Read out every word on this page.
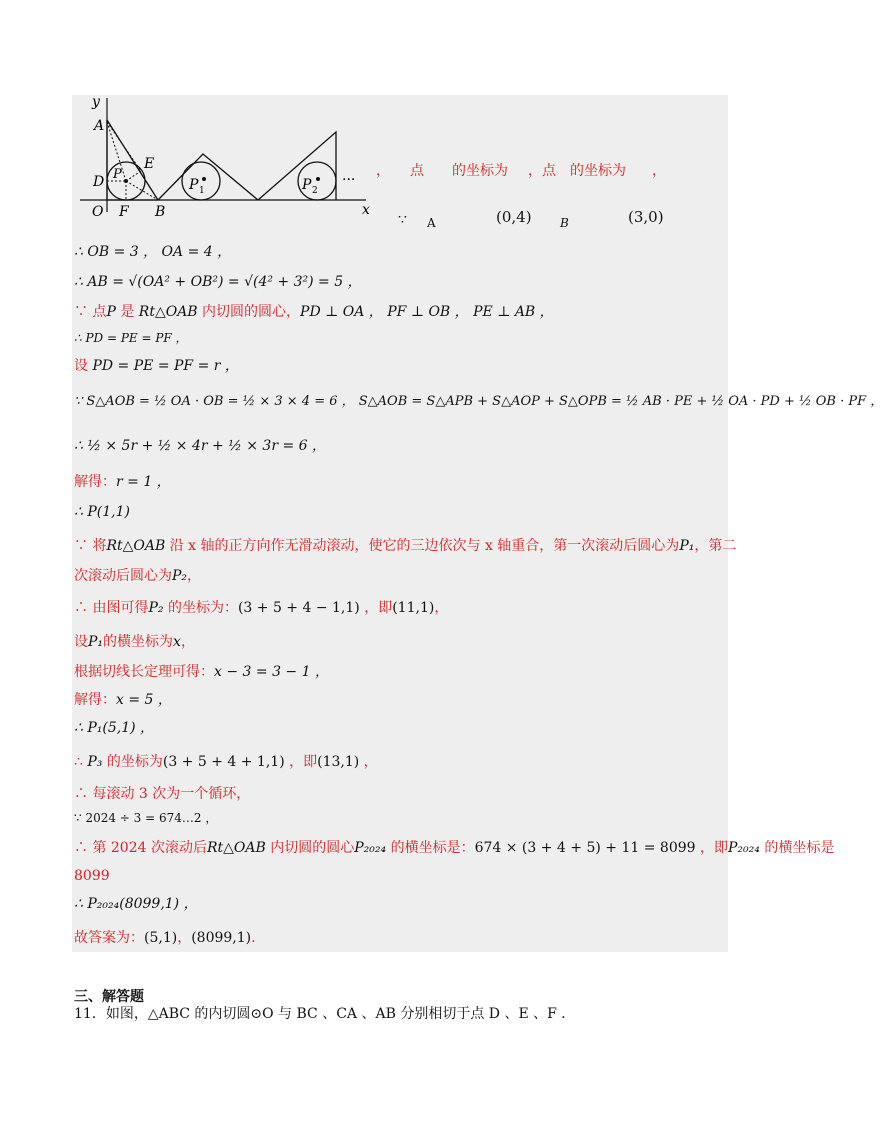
y
x
A
D
O F
E
B
P
P 1	P 2
···
， 点 的坐标为 ，点 的坐标为 ，
∵ A	(0,4) B	(3,0)
∴ OB = 3 ， OA = 4 ，
∴ AB = √(OA² + OB²) = √(4² + 3²) = 5 ，
∵ 点P 是 Rt△OAB 内切圆的圆心，PD ⊥ OA ， PF ⊥ OB ， PE ⊥ AB ，
∴ PD = PE = PF ，
设 PD = PE = PF = r ，
∵ S△AOB = ½ OA · OB = ½ × 3 × 4 = 6 ， S△AOB = S△APB + S△AOP + S△OPB = ½ AB · PE + ½ OA · PD + ½ OB · PF ，
∴ ½ × 5r + ½ × 4r + ½ × 3r = 6 ，
解得：r = 1 ，
∴ P(1,1)
∵ 将Rt△OAB 沿 x 轴的正方向作无滑动滚动，使它的三边依次与 x 轴重合，第一次滚动后圆心为P₁，第二
次滚动后圆心为P₂，
∴ 由图可得P₂ 的坐标为：(3 + 5 + 4 − 1,1) ，即(11,1)，
设P₁的横坐标为x，
根据切线长定理可得：x − 3 = 3 − 1 ，
解得：x = 5 ，
∴ P₁(5,1) ，
∴ P₃ 的坐标为(3 + 5 + 4 + 1,1) ，即(13,1) ，
∴ 每滚动 3 次为一个循环，
∵ 2024 ÷ 3 = 674…2 ，
∴ 第 2024 次滚动后Rt△OAB 内切圆的圆心P₂₀₂₄ 的横坐标是：674 × (3 + 4 + 5) + 11 = 8099 ，即P₂₀₂₄ 的横坐标是
8099
∴ P₂₀₂₄(8099,1) ，
故答案为：(5,1)，(8099,1).
三、解答题
11．如图，△ABC 的内切圆⊙O 与 BC 、CA 、AB 分别相切于点 D 、E 、F ．
